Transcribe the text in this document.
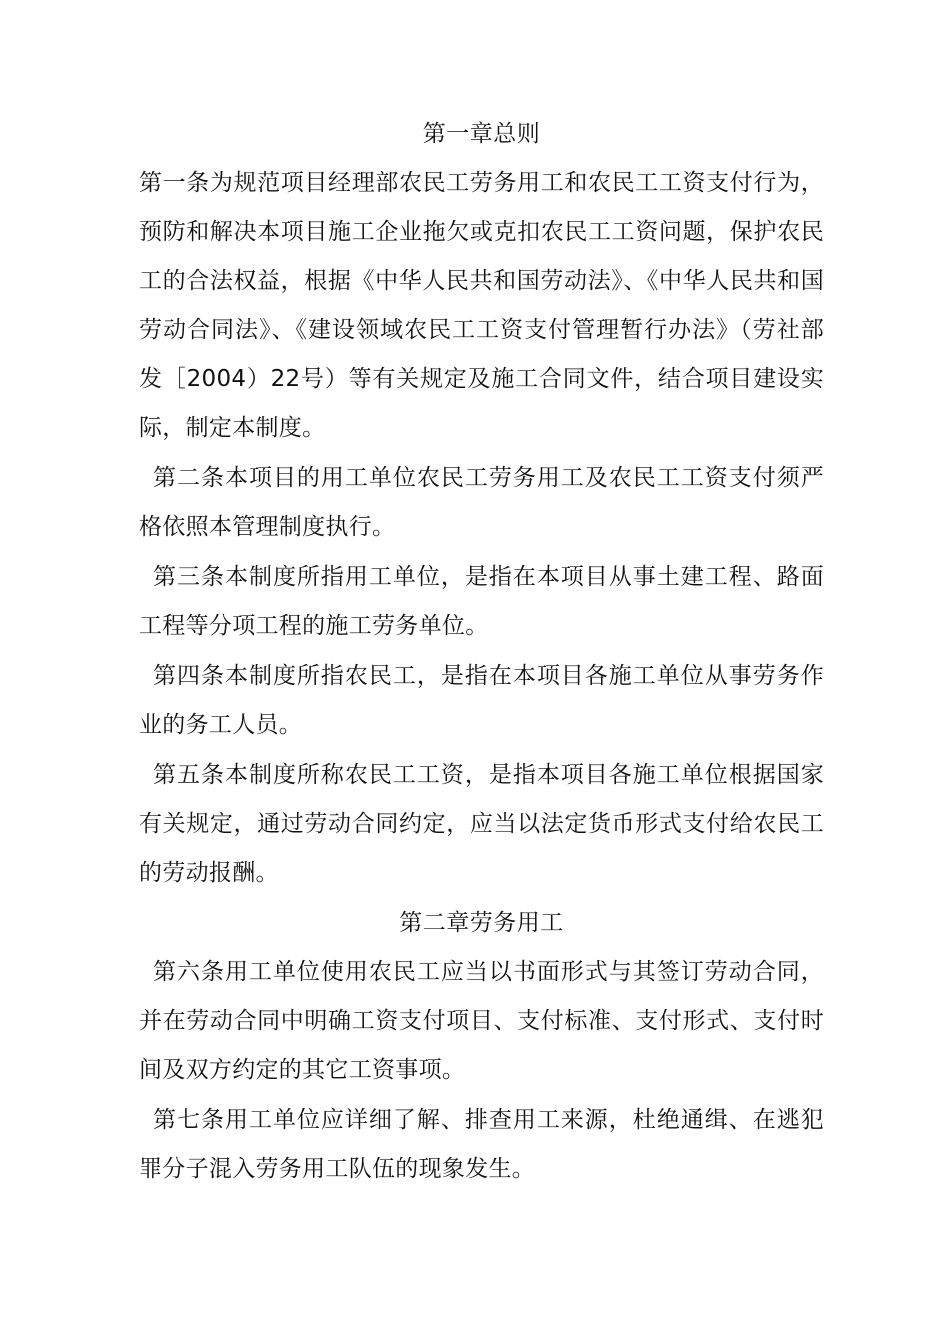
第一章总则

第一条为规范项目经理部农民工劳务用工和农民工工资支付行为，预防和解决本项目施工企业拖欠或克扣农民工工资问题，保护农民工的合法权益，根据《中华人民共和国劳动法》、《中华人民共和国劳动合同法》、《建设领域农民工工资支付管理暂行办法》（劳社部发［2004）22号）等有关规定及施工合同文件，结合项目建设实际，制定本制度。

第二条本项目的用工单位农民工劳务用工及农民工工资支付须严格依照本管理制度执行。

第三条本制度所指用工单位，是指在本项目从事土建工程、路面工程等分项工程的施工劳务单位。

第四条本制度所指农民工，是指在本项目各施工单位从事劳务作业的务工人员。

第五条本制度所称农民工工资，是指本项目各施工单位根据国家有关规定，通过劳动合同约定，应当以法定货币形式支付给农民工的劳动报酬。

第二章劳务用工

第六条用工单位使用农民工应当以书面形式与其签订劳动合同，并在劳动合同中明确工资支付项目、支付标准、支付形式、支付时间及双方约定的其它工资事项。

第七条用工单位应详细了解、排查用工来源，杜绝通缉、在逃犯罪分子混入劳务用工队伍的现象发生。
